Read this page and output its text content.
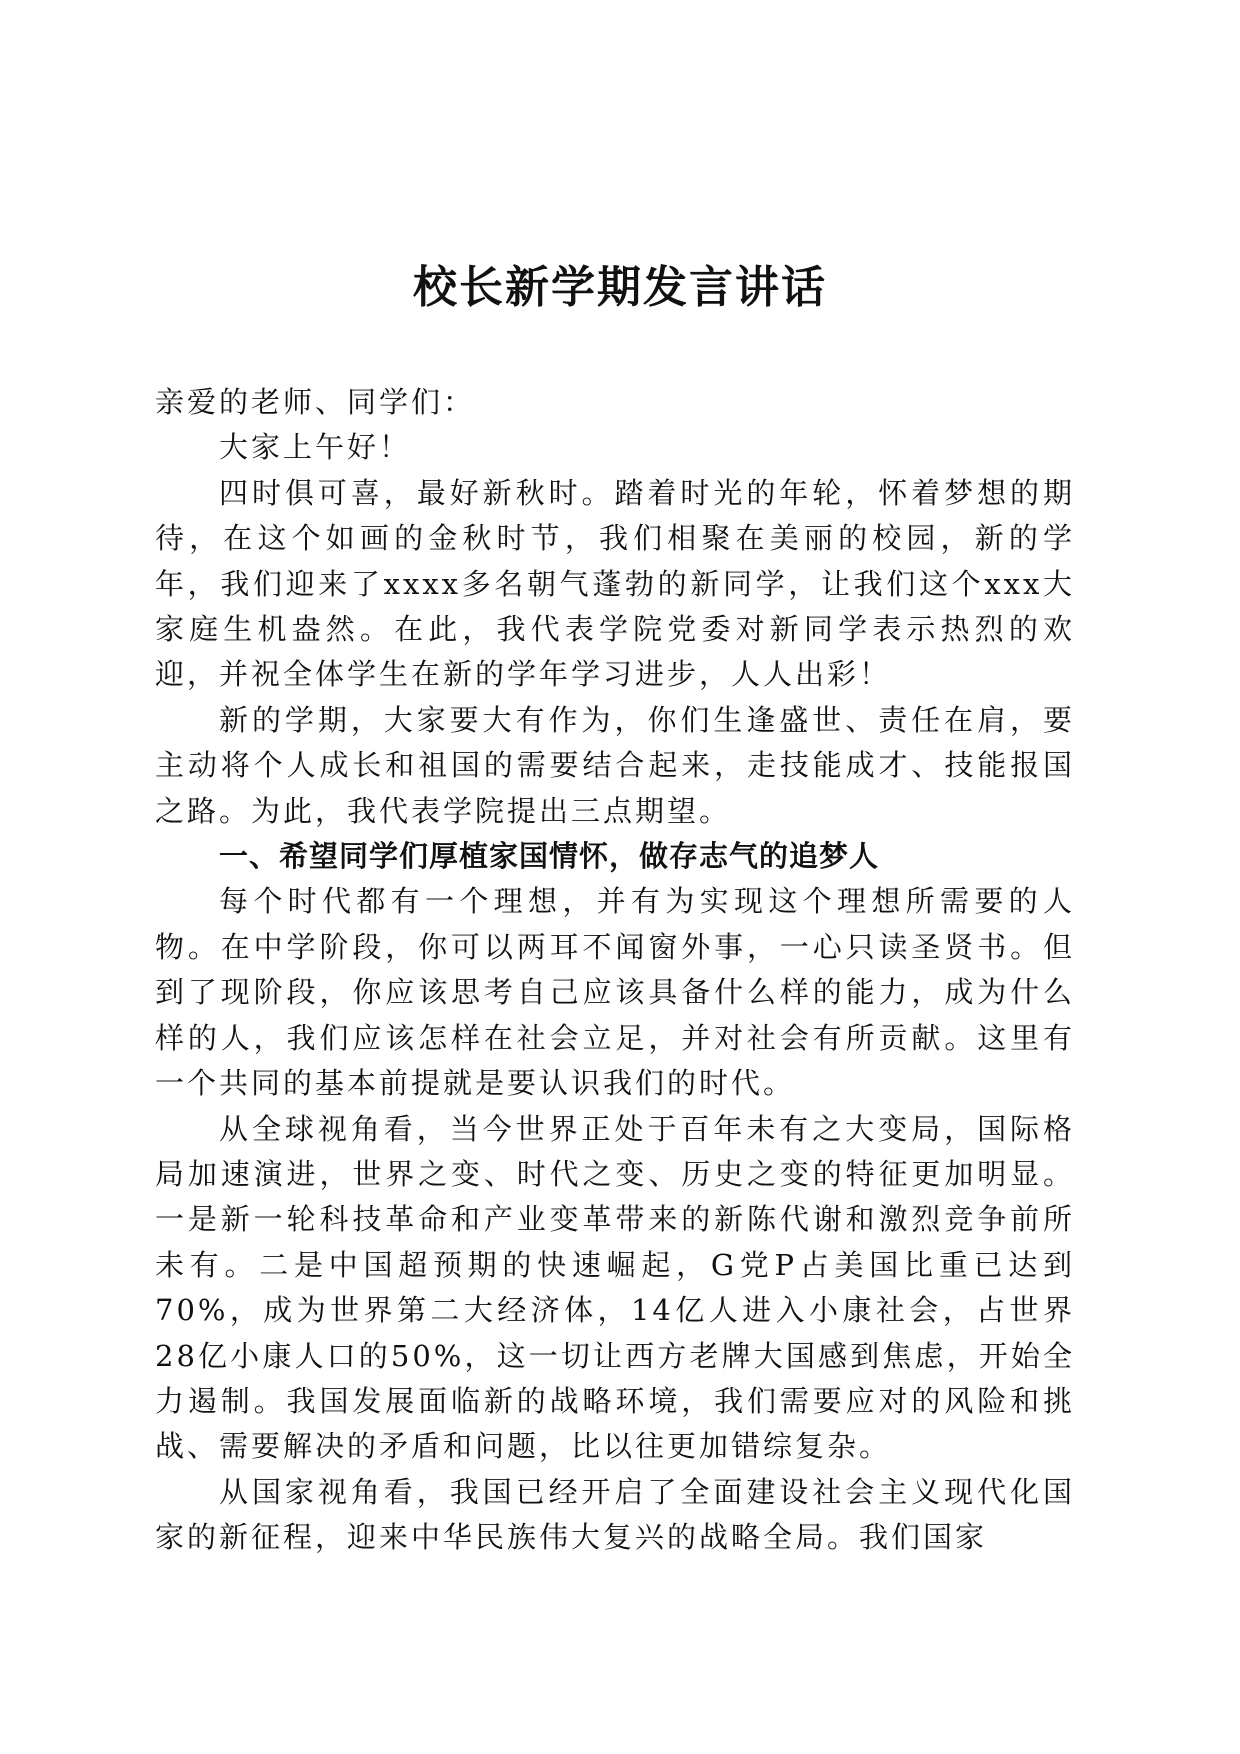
校长新学期发言讲话

亲爱的老师、同学们：

大家上午好！

四时俱可喜，最好新秋时。踏着时光的年轮，怀着梦想的期待，在这个如画的金秋时节，我们相聚在美丽的校园，新的学年，我们迎来了xxxx多名朝气蓬勃的新同学，让我们这个xxx大家庭生机盎然。在此，我代表学院党委对新同学表示热烈的欢迎，并祝全体学生在新的学年学习进步，人人出彩！

新的学期，大家要大有作为，你们生逢盛世、责任在肩，要主动将个人成长和祖国的需要结合起来，走技能成才、技能报国之路。为此，我代表学院提出三点期望。

一、希望同学们厚植家国情怀，做存志气的追梦人

每个时代都有一个理想，并有为实现这个理想所需要的人物。在中学阶段，你可以两耳不闻窗外事，一心只读圣贤书。但到了现阶段，你应该思考自己应该具备什么样的能力，成为什么样的人，我们应该怎样在社会立足，并对社会有所贡献。这里有一个共同的基本前提就是要认识我们的时代。

从全球视角看，当今世界正处于百年未有之大变局，国际格局加速演进，世界之变、时代之变、历史之变的特征更加明显。一是新一轮科技革命和产业变革带来的新陈代谢和激烈竞争前所未有。二是中国超预期的快速崛起，G党P占美国比重已达到70%，成为世界第二大经济体，14亿人进入小康社会，占世界28亿小康人口的50%，这一切让西方老牌大国感到焦虑，开始全力遏制。我国发展面临新的战略环境，我们需要应对的风险和挑战、需要解决的矛盾和问题，比以往更加错综复杂。

从国家视角看，我国已经开启了全面建设社会主义现代化国家的新征程，迎来中华民族伟大复兴的战略全局。我们国家
